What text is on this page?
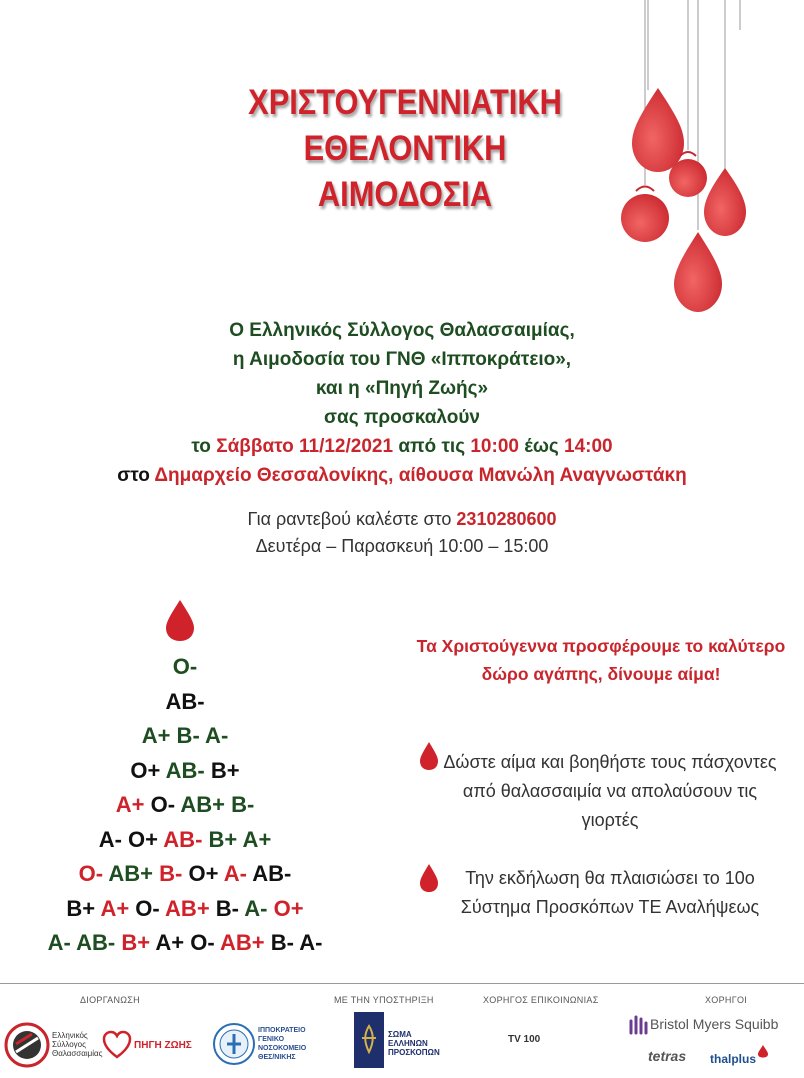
ΧΡΙΣΤΟΥΓΕΝΝΙΑΤΙΚΗ
ΕΘΕΛΟΝΤΙΚΗ
ΑΙΜΟΔΟΣΙΑ
Ο Ελληνικός Σύλλογος Θαλασσαιμίας,
η Αιμοδοσία του ΓΝΘ «Ιπποκράτειο»,
και η «Πηγή Ζωής»
σας προσκαλούν
το Σάββατο 11/12/2021 από τις 10:00 έως 14:00
στο Δημαρχείο Θεσσαλονίκης, αίθουσα Μανώλη Αναγνωστάκη
Για ραντεβού καλέστε στο 2310280600
Δευτέρα – Παρασκευή 10:00 – 15:00
O-
AB-
A+ B- A-
O+ AB- B+
A+ O- AB+ B-
A- O+ AB- B+ A+
O- AB+ B- O+ A- AB-
B+ A+ O- AB+ B- A- O+
A- AB- B+ A+ O- AB+ B- A-
Τα Χριστούγεννα προσφέρουμε το καλύτερο δώρο αγάπης, δίνουμε αίμα!
Δώστε αίμα και βοηθήστε τους πάσχοντες από θαλασσαιμία να απολαύσουν τις γιορτές
Την εκδήλωση θα πλαισιώσει το 10ο Σύστημα Προσκόπων ΤΕ Αναλήψεως
ΔΙΟΡΓΑΝΩΣΗ	ΜΕ ΤΗΝ ΥΠΟΣΤΗΡΙΞΗ	ΧΟΡΗΓΟΣ ΕΠΙΚΟΙΝΩΝΙΑΣ	ΧΟΡΗΓΟΙ
Ελληνικός Σύλλογος Θαλασσαιμίας
ΠΗΓΗ ΖΩΗΣ
ΙΠΠΟΚΡΑΤΕΙΟ ΓΕΝΙΚΟ ΝΟΣΟΚΟΜΕΙΟ ΘΕΣ/ΝΙΚΗΣ
ΣΩΜΑ ΕΛΛΗΝΩΝ ΠΡΟΣΚΟΠΩΝ
TV 100
Bristol Myers Squibb
tetras thalplus
